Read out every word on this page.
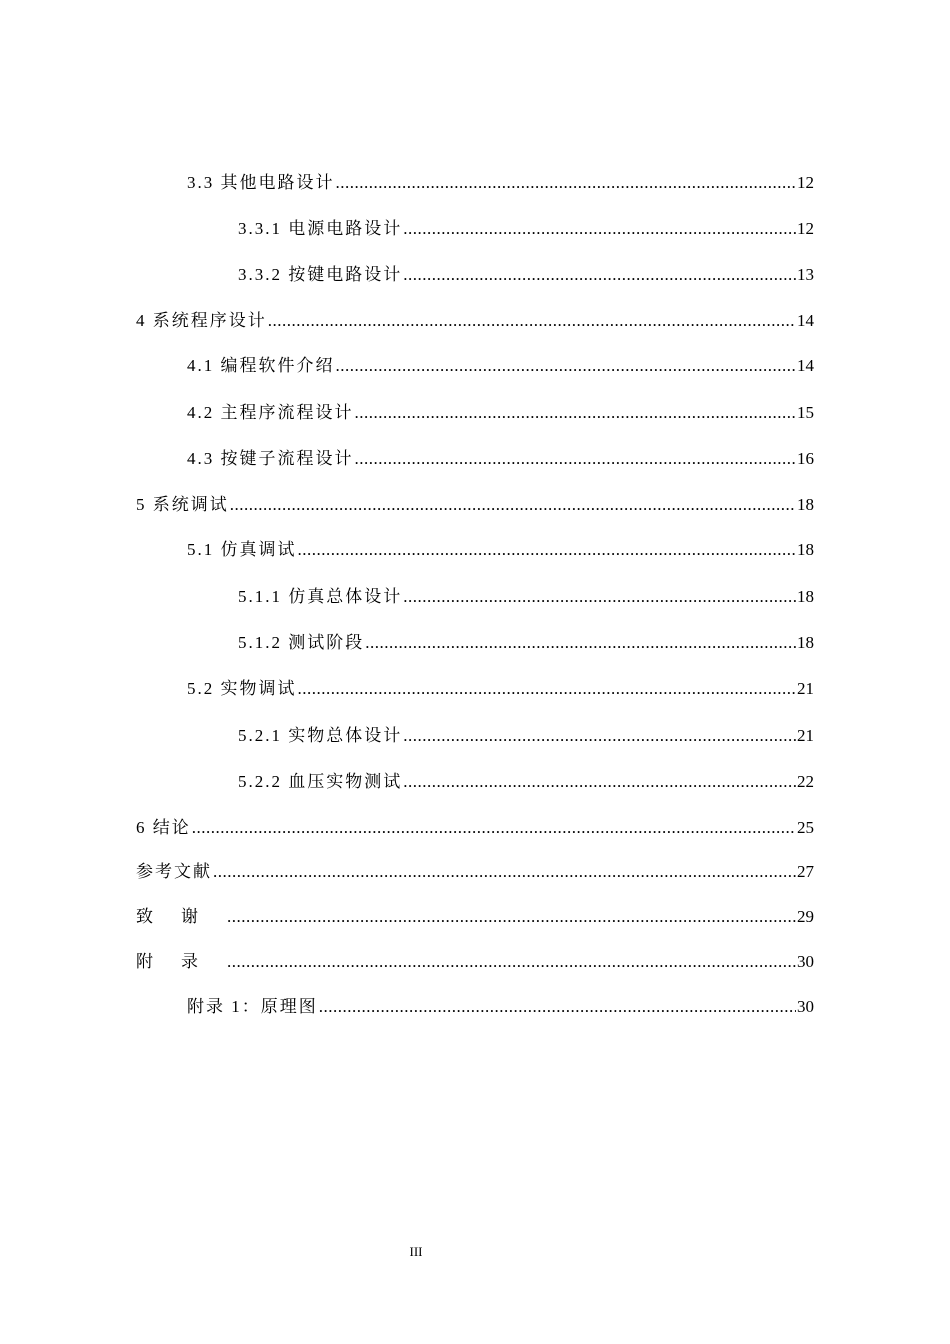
3.3 其他电路设计 .....	12
3.3.1 电源电路设计 .....	12
3.3.2 按键电路设计 .....	13
4 系统程序设计 .....	14
4.1 编程软件介绍 .....	14
4.2 主程序流程设计 .....	15
4.3 按键子流程设计 .....	16
5 系统调试 .....	18
5.1 仿真调试 .....	18
5.1.1 仿真总体设计 .....	18
5.1.2 测试阶段 .....	18
5.2 实物调试 .....	21
5.2.1 实物总体设计 .....	21
5.2.2 血压实物测试 .....	22
6 结论 .....	25
参考文献 .....	27
致谢 .....	29
附录 .....	30
附录 1：原理图 .....	30
III
